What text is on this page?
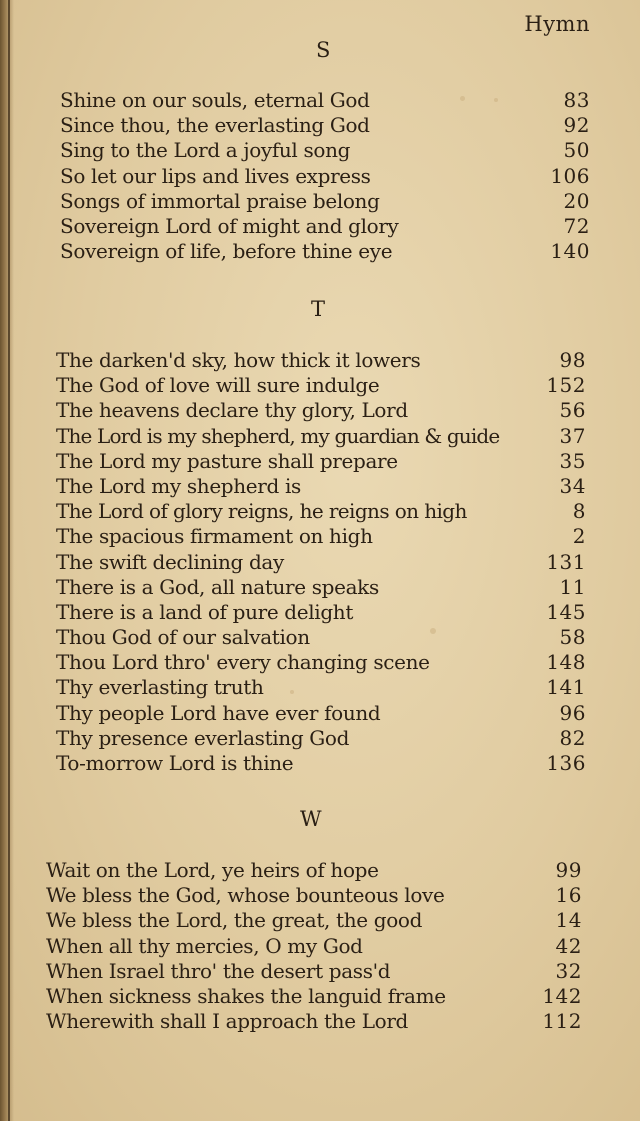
Hymn
S
Shine on our souls, eternal God	83
Since thou, the everlasting God	92
Sing to the Lord a joyful song	50
So let our lips and lives express	106
Songs of immortal praise belong	20
Sovereign Lord of might and glory	72
Sovereign of life, before thine eye	140
T
The darken'd sky, how thick it lowers	98
The God of love will sure indulge	152
The heavens declare thy glory, Lord	56
The Lord is my shepherd, my guardian & guide	37
The Lord my pasture shall prepare	35
The Lord my shepherd is	34
The Lord of glory reigns, he reigns on high	8
The spacious firmament on high	2
The swift declining day	131
There is a God, all nature speaks	11
There is a land of pure delight	145
Thou God of our salvation	58
Thou Lord thro' every changing scene	148
Thy everlasting truth	141
Thy people Lord have ever found	96
Thy presence everlasting God	82
To-morrow Lord is thine	136
W
Wait on the Lord, ye heirs of hope	99
We bless the God, whose bounteous love	16
We bless the Lord, the great, the good	14
When all thy mercies, O my God	42
When Israel thro' the desert pass'd	32
When sickness shakes the languid frame	142
Wherewith shall I approach the Lord	112
